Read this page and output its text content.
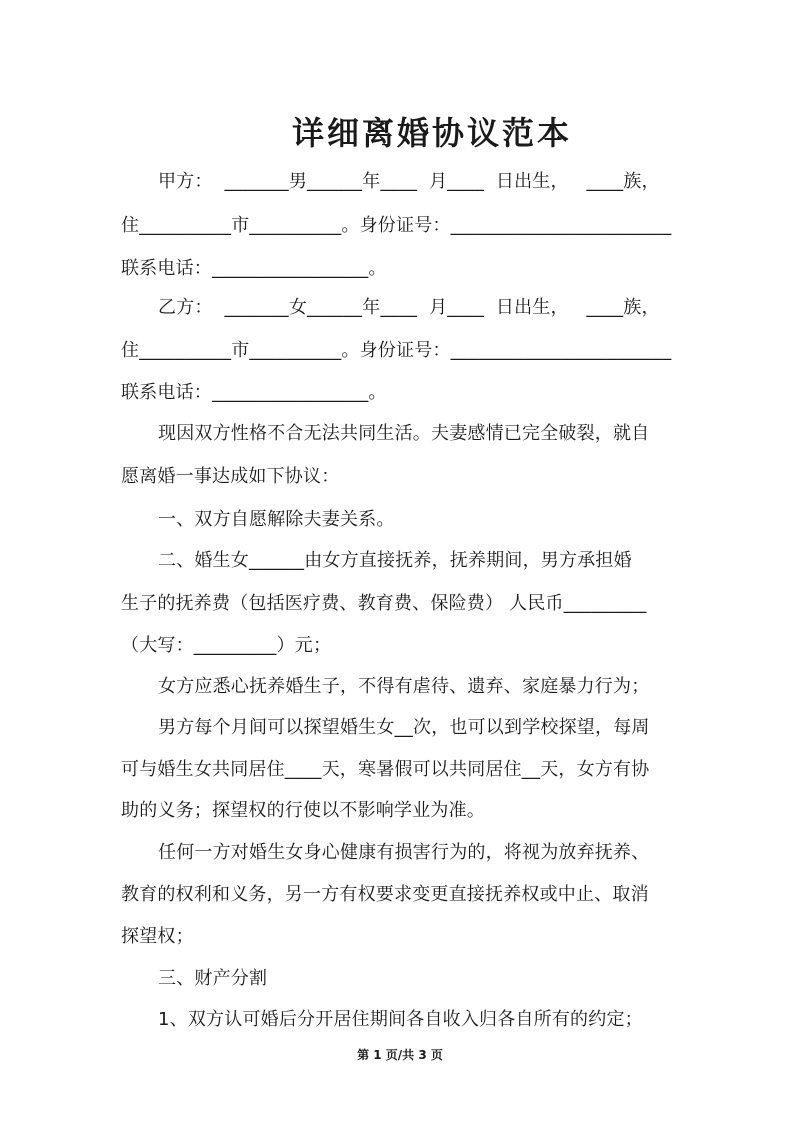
详细离婚协议范本
甲方：  _______男______年____  月____  日出生，   ____族，
住__________市__________。身份证号：________________________
联系电话：_________________。
乙方：  _______女______年____  月____  日出生，   ____族，
住__________市__________。身份证号：________________________
联系电话：_________________。
现因双方性格不合无法共同生活。夫妻感情已完全破裂，就自
愿离婚一事达成如下协议：
一、双方自愿解除夫妻关系。
二、婚生女______由女方直接抚养，抚养期间，男方承担婚
生子的抚养费（包括医疗费、教育费、保险费） 人民币_________
（大写：_________）元；
女方应悉心抚养婚生子，不得有虐待、遗弃、家庭暴力行为；
男方每个月间可以探望婚生女__次，也可以到学校探望，每周
可与婚生女共同居住____天，寒暑假可以共同居住__天，女方有协
助的义务；探望权的行使以不影响学业为准。
任何一方对婚生女身心健康有损害行为的，将视为放弃抚养、
教育的权利和义务，另一方有权要求变更直接抚养权或中止、取消
探望权；
三、财产分割
1、双方认可婚后分开居住期间各自收入归各自所有的约定；
第 1 页/共 3 页
